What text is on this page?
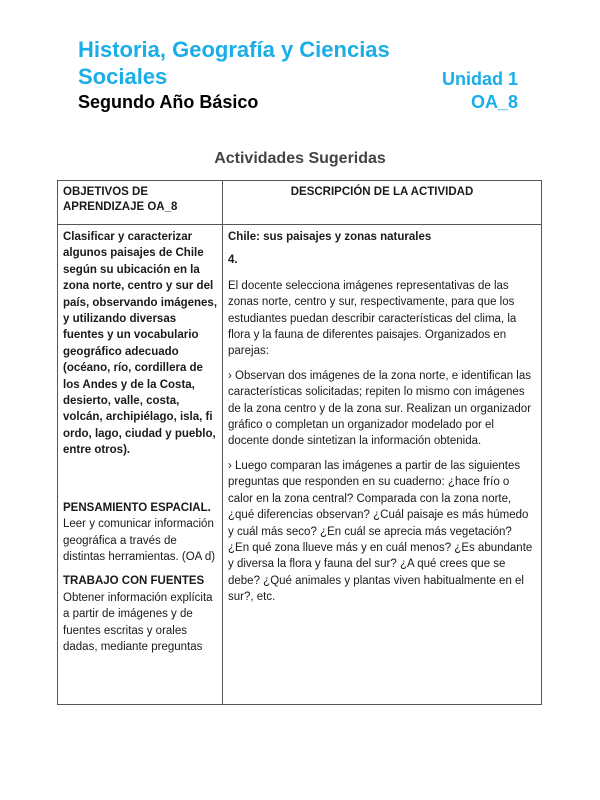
Historia, Geografía y Ciencias
Sociales	Unidad 1
Segundo Año Básico	OA_8
Actividades Sugeridas
OBJETIVOS DE APRENDIZAJE OA_8
DESCRIPCIÓN DE LA ACTIVIDAD

Clasificar y caracterizar algunos paisajes de Chile según su ubicación en la zona norte, centro y sur del país, observando imágenes, y utilizando diversas fuentes y un vocabulario geográfico adecuado (océano, río, cordillera de los Andes y de la Costa, desierto, valle, costa, volcán, archipiélago, isla, fi ordo, lago, ciudad y pueblo, entre otros).

PENSAMIENTO ESPACIAL. Leer y comunicar información geográfica a través de distintas herramientas. (OA d)

TRABAJO CON FUENTES
Obtener información explícita a partir de imágenes y de fuentes escritas y orales dadas, mediante preguntas

Chile: sus paisajes y zonas naturales

4.

El docente selecciona imágenes representativas de las zonas norte, centro y sur, respectivamente, para que los estudiantes puedan describir características del clima, la flora y la fauna de diferentes paisajes. Organizados en parejas:

› Observan dos imágenes de la zona norte, e identifican las características solicitadas; repiten lo mismo con imágenes de la zona centro y de la zona sur. Realizan un organizador gráfico o completan un organizador modelado por el docente donde sintetizan la información obtenida.

› Luego comparan las imágenes a partir de las siguientes preguntas que responden en su cuaderno: ¿hace frío o calor en la zona central? Comparada con la zona norte, ¿qué diferencias observan? ¿Cuál paisaje es más húmedo y cuál más seco? ¿En cuál se aprecia más vegetación? ¿En qué zona llueve más y en cuál menos? ¿Es abundante y diversa la flora y fauna del sur? ¿A qué crees que se debe? ¿Qué animales y plantas viven habitualmente en el sur?, etc.
